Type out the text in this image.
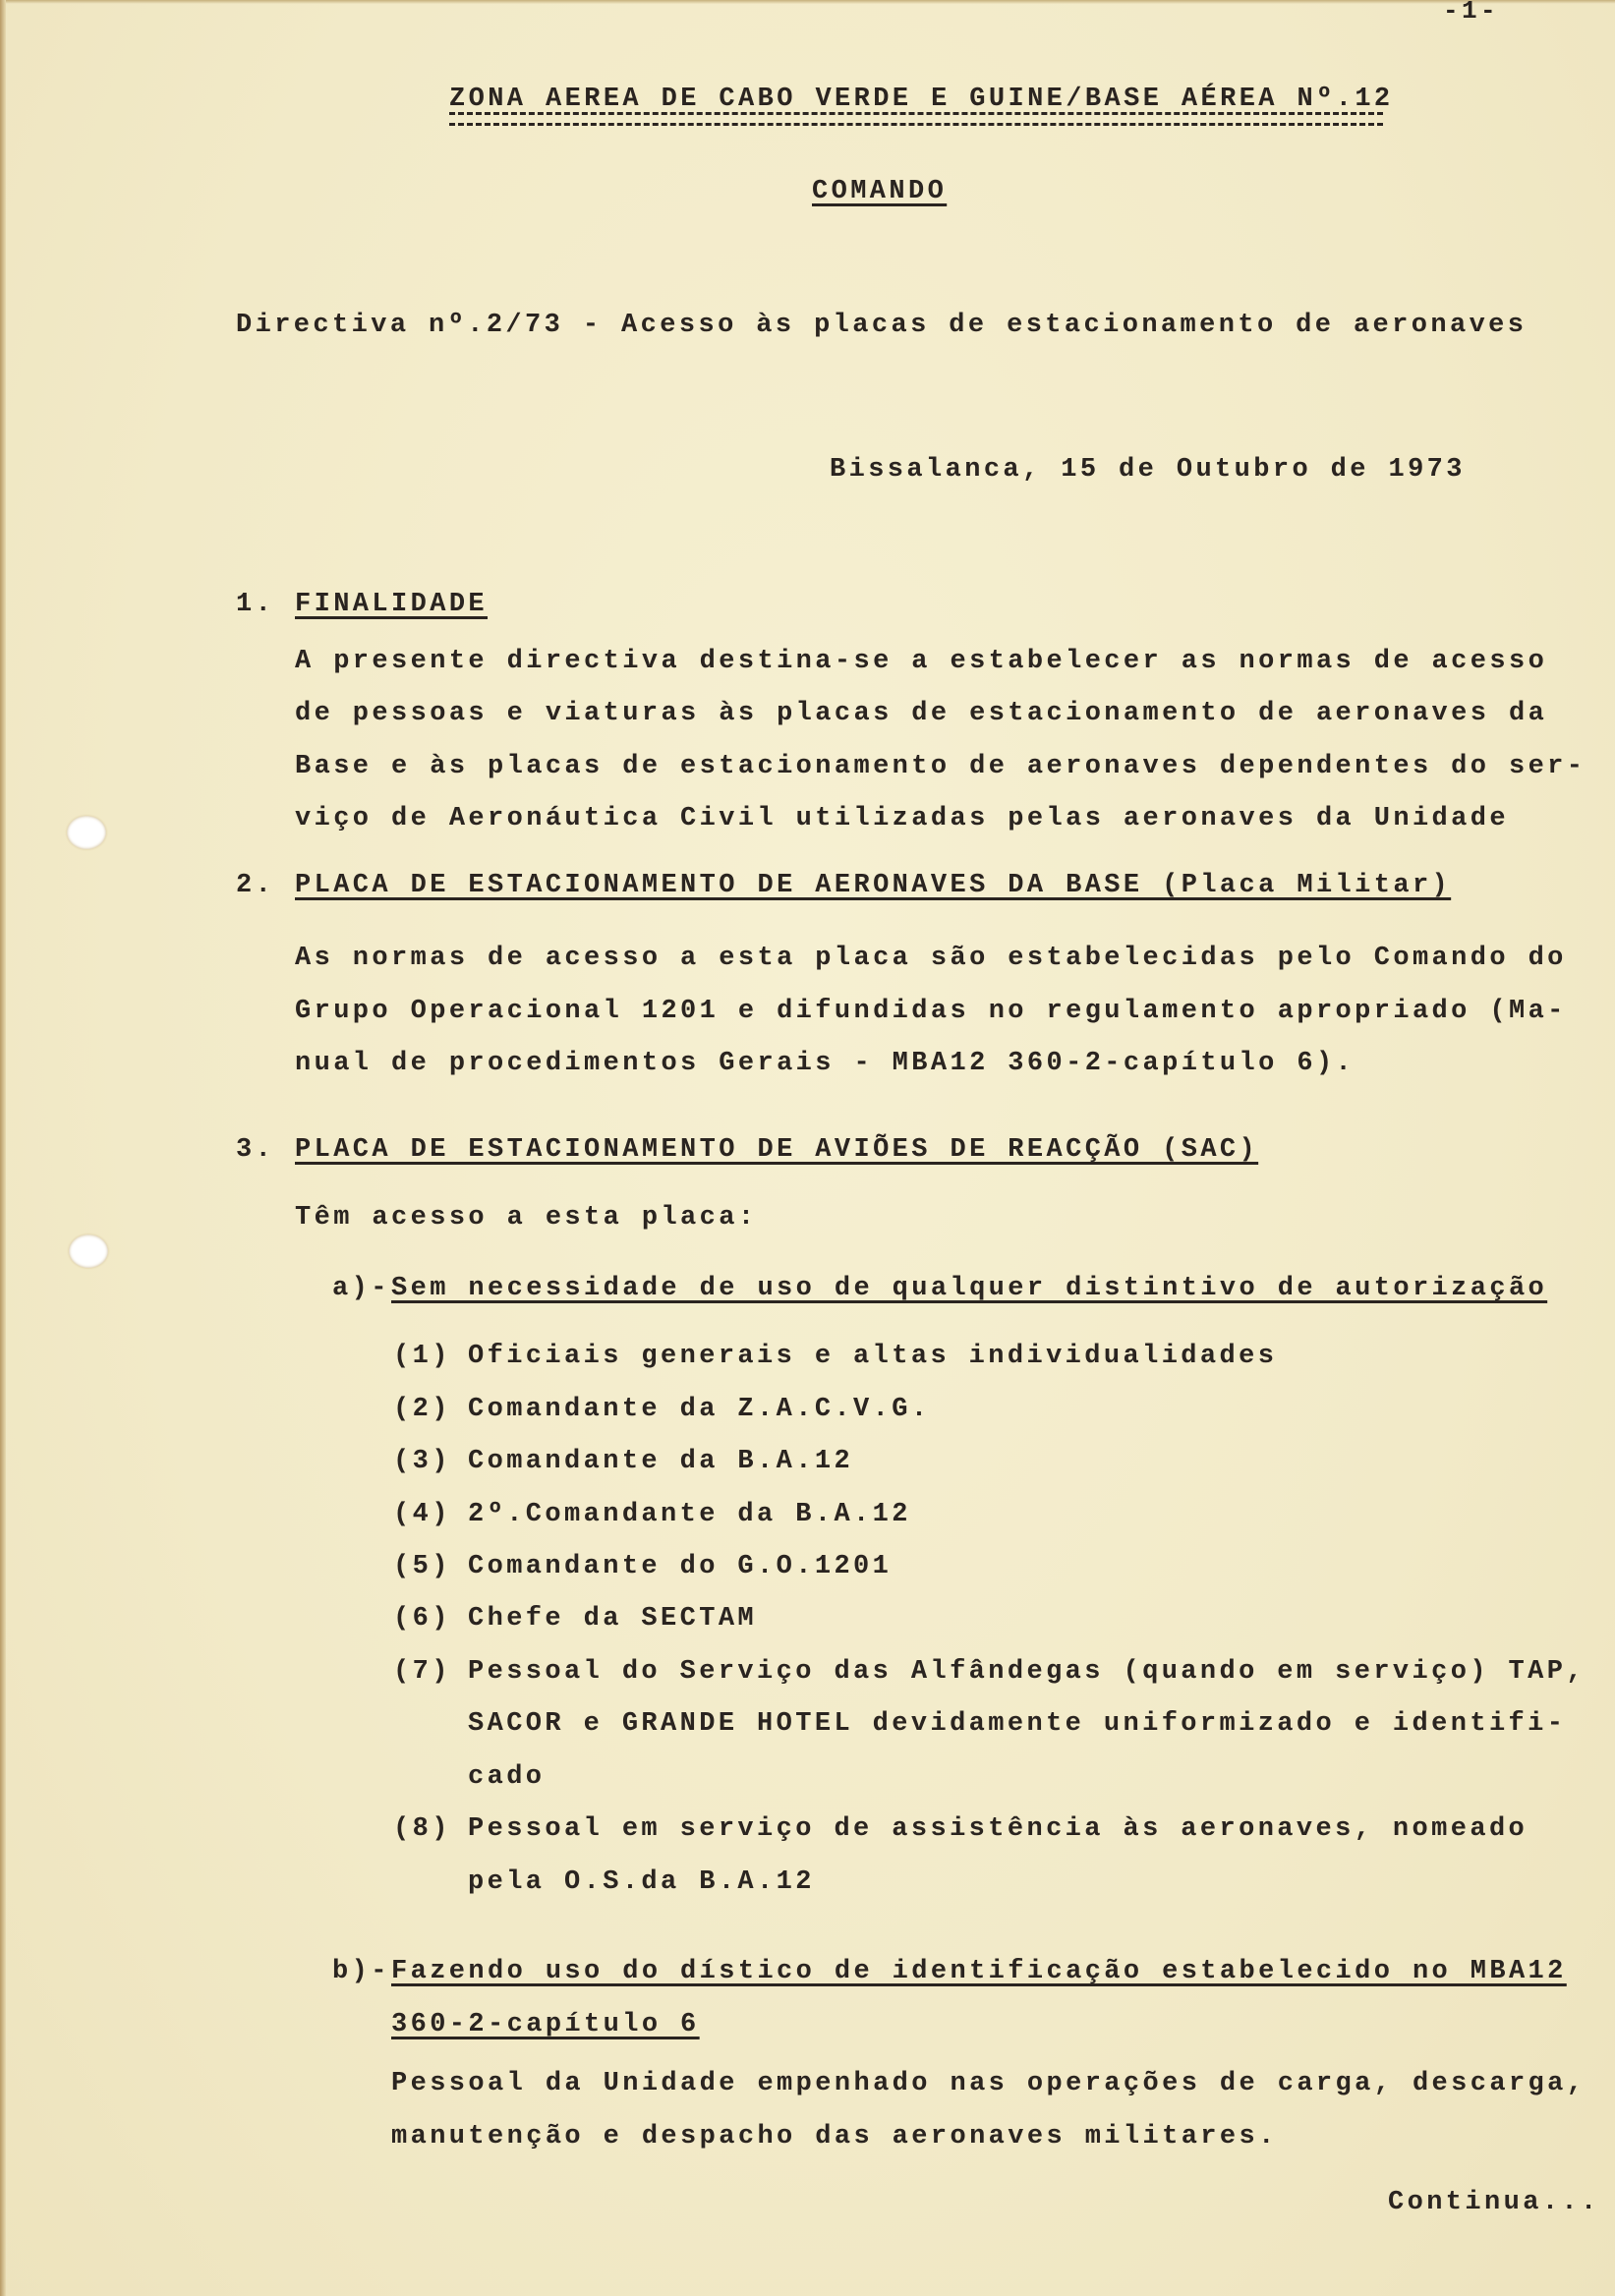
-1-
ZONA AEREA DE CABO VERDE E GUINE/BASE AÉREA Nº.12
COMANDO
Directiva nº.2/73 - Acesso às placas de estacionamento de aeronaves
Bissalanca, 15 de Outubro de 1973
1. FINALIDADE
A presente directiva destina-se a estabelecer as normas de acesso
de pessoas e viaturas às placas de estacionamento de aeronaves da
Base e às placas de estacionamento de aeronaves dependentes do ser-
viço de Aeronáutica Civil utilizadas pelas aeronaves da Unidade
2. PLACA DE ESTACIONAMENTO DE AERONAVES DA BASE (Placa Militar)
As normas de acesso a esta placa são estabelecidas pelo Comando do
Grupo Operacional 1201 e difundidas no regulamento apropriado (Ma-
nual de procedimentos Gerais - MBA12 360-2-capítulo 6).
3. PLACA DE ESTACIONAMENTO DE AVIÕES DE REACÇÃO (SAC)
Têm acesso a esta placa:
a)- Sem necessidade de uso de qualquer distintivo de autorização
(1) Oficiais generais e altas individualidades
(2) Comandante da Z.A.C.V.G.
(3) Comandante da B.A.12
(4) 2º.Comandante da B.A.12
(5) Comandante do G.O.1201
(6) Chefe da SECTAM
(7) Pessoal do Serviço das Alfândegas (quando em serviço) TAP,
SACOR e GRANDE HOTEL devidamente uniformizado e identifi-
cado
(8) Pessoal em serviço de assistência às aeronaves, nomeado
pela O.S.da B.A.12
b)- Fazendo uso do dístico de identificação estabelecido no MBA12
360-2-capítulo 6
Pessoal da Unidade empenhado nas operações de carga, descarga,
manutenção e despacho das aeronaves militares.
Continua...
